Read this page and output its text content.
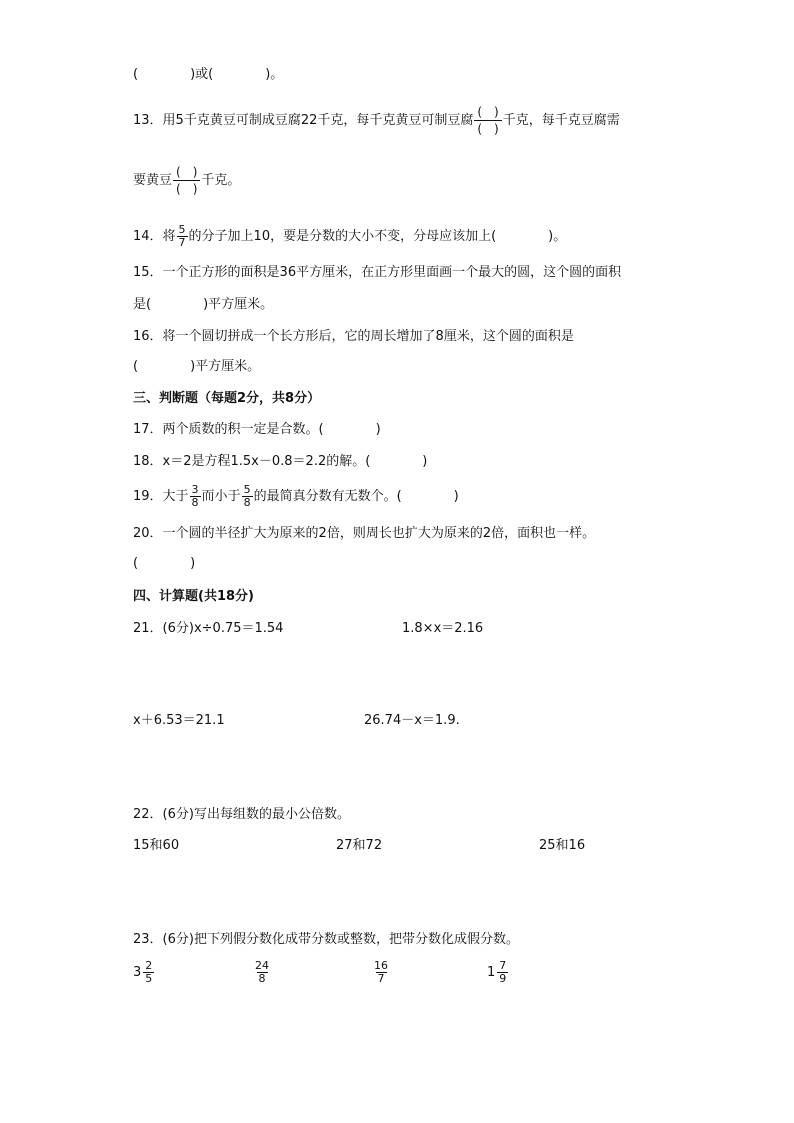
(　　　　)或(　　　　)。
13．用5千克黄豆可制成豆腐22千克，每千克黄豆可制豆腐 $\frac{( )}{( )}$ 千克，每千克豆腐需
要黄豆 $\frac{( )}{( )}$ 千克。
14．将 $\frac{5}{7}$ 的分子加上10，要是分数的大小不变，分母应该加上(　　　　)。
15．一个正方形的面积是36平方厘米，在正方形里面画一个最大的圆，这个圆的面积
是(　　　　)平方厘米。
16．将一个圆切拼成一个长方形后，它的周长增加了8厘米，这个圆的面积是
(　　　　)平方厘米。
三、判断题（每题2分，共8分）
17．两个质数的积一定是合数。(　　　　)
18．x＝2是方程1.5x－0.8＝2.2的解。(　　　　)
19．大于 $\frac{3}{8}$ 而小于 $\frac{5}{8}$ 的最简真分数有无数个。(　　　　)
20．一个圆的半径扩大为原来的2倍，则周长也扩大为原来的2倍，面积也一样。
(　　　　)
四、计算题(共18分)
21．(6分)x÷0.75＝1.54	1.8×x＝2.16
x＋6.53＝21.1	26.74－x＝1.9.
22．(6分)写出每组数的最小公倍数。
15和60	27和72	25和16
23．(6分)把下列假分数化成带分数或整数，把带分数化成假分数。
$3 \frac{2}{5}$	$\frac{24}{8}$	$\frac{16}{7}$	$1 \frac{7}{9}$
